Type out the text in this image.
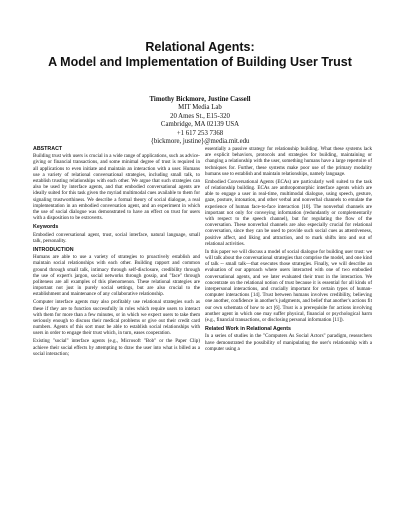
Relational Agents:
A Model and Implementation of Building User Trust
Timothy Bickmore, Justine Cassell
MIT Media Lab
20 Ames St., E15-320
Cambridge, MA 02139 USA
+1 617 253 7368
{bickmore, justine}@media.mit.edu
ABSTRACT

Building trust with users is crucial in a wide range of applications, such as advice-giving or financial transactions, and some minimal degree of trust is required in all applications to even initiate and maintain an interaction with a user. Humans use a variety of relational conversational strategies, including small talk, to establish trusting relationships with each other. We argue that such strategies can also be used by interface agents, and that embodied conversational agents are ideally suited for this task given the myriad multimodal cues available to them for signaling trustworthiness. We describe a formal theory of social dialogue, a real implementation in an embodied conversation agent, and an experiment in which the use of social dialogue was demonstrated to have an effect on trust for users with a disposition to be extroverts.

Keywords

Embodied conversational agent, trust, social interface, natural language, small talk, personality.

INTRODUCTION

Humans are able to use a variety of strategies to proactively establish and maintain social relationships with each other. Building rapport and common ground through small talk, intimacy through self-disclosure, credibility through the use of expert's jargon, social networks through gossip, and "face" through politeness are all examples of this phenomenon. These relational strategies are important not just in purely social settings, but are also crucial to the establishment and maintenance of any collaborative relationship.

Computer interface agents may also profitably use relational strategies such as these if they are to function successfully in roles which require users to interact with them for more than a few minutes, or in which we expect users to take them seriously enough to discuss their medical problems or give out their credit card numbers. Agents of this sort must be able to establish social relationships with users in order to engage their trust which, in turn, eases cooperation.

Existing "social" interface agents (e.g., Microsoft "Bob" or the Paper Clip) achieve their social effects by attempting to draw the user into what is billed as a social interaction;

essentially a passive strategy for relationship building. What these systems lack are explicit behaviors, protocols and strategies for building, maintaining or changing a relationship with the user, something humans have a large repertoire of techniques for. Further, these systems make poor use of the primary modality humans use to establish and maintain relationships, namely language.

Embodied Conversational Agents (ECAs) are particularly well suited to the task of relationship building. ECAs are anthropomorphic interface agents which are able to engage a user in real-time, multimodal dialogue, using speech, gesture, gaze, posture, intonation, and other verbal and nonverbal channels to emulate the experience of human face-to-face interaction [10]. The nonverbal channels are important not only for conveying information (redundantly or complementarily with respect to the speech channel), but for regulating the flow of the conversation. These nonverbal channels are also especially crucial for relational conversation, since they can be used to provide such social cues as attentiveness, positive affect, and liking and attraction, and to mark shifts into and out of relational activities.

In this paper we will discuss a model of social dialogue for building user trust: we will talk about the conversational strategies that comprise the model, and one kind of talk -- small talk—that executes those strategies. Finally, we will describe an evaluation of our approach where users interacted with one of two embodied conversational agents, and we later evaluated their trust in the interaction. We concentrate on the relational notion of trust because it is essential for all kinds of interpersonal interactions, and crucially important for certain types of human-computer interactions [14]. Trust between humans involves credibility, believing one another, confidence in another's judgments, and belief that another's actions fit our own schemata of how to act [6]. Trust is a prerequisite for actions involving another agent in which one may suffer physical, financial or psychological harm (e.g., financial transactions, or disclosing personal information [11]).

Related Work in Relational Agents

In a series of studies in the "Computers As Social Actors" paradigm, researchers have demonstrated the possibility of manipulating the user's relationship with a computer using a
